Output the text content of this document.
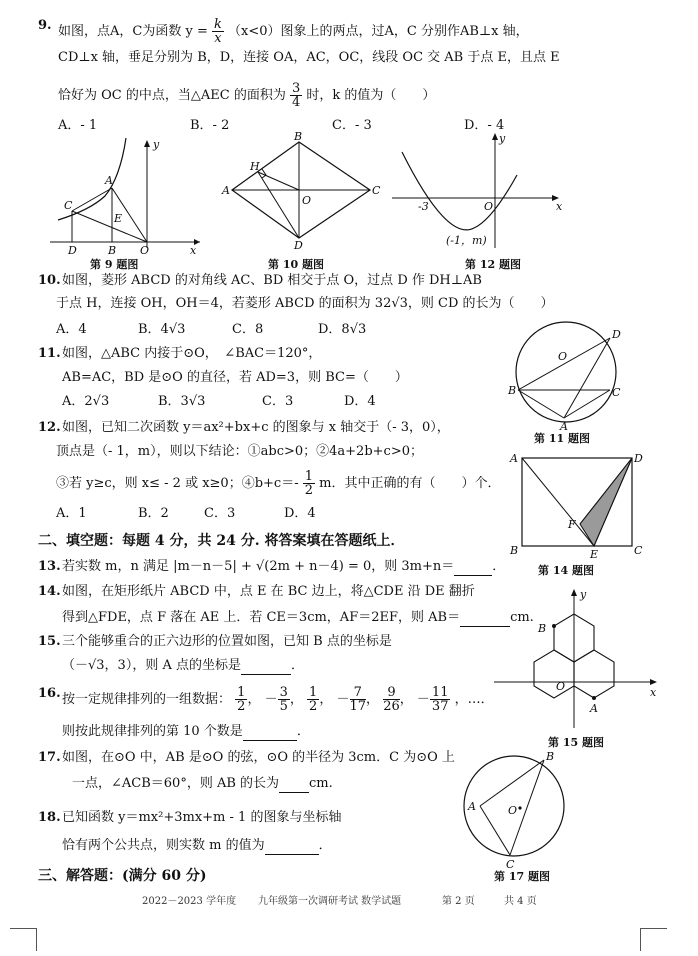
9. 如图，点A，C为函数 $y = \frac{k}{x} (x<0)$图象上的两点，过A，C 分别作AB⊥x 轴，
CD⊥x 轴，垂足分别为 B，D，连接 OA，AC，OC，线段 OC 交 AB 于点 E，且点 E
恰好为 OC 的中点，当△AEC 的面积为 $\frac{3}{4}$ 时，k 的值为（　　）
A．- 1	B．- 2	C．- 3	D．- 4
y
A
C
E
D	B O	x
第 9 题图
H
B
A
O
C
D
第 10 题图
y
-3	O	x
(-1，m)
第 12 题图
10. 如图，菱形 ABCD 的对角线 AC、BD 相交于点 O，过点 D 作 DH⊥AB
于点 H，连接 OH，OH＝4，若菱形 ABCD 的面积为 32√3，则 CD 的长为（　　）
A．4	B．4√3	C．8	D．8√3	D
O
B	C
A
第 11 题图
11. 如图，△ABC 内接于⊙O，　∠BAC＝120°，
AB=AC，BD 是⊙O 的直径，若 AD=3，则 BC=（　　）
A．2√3	B．3√3	C．3	D．4
12. 如图，已知二次函数 y＝ax²+bx+c 的图象与 x 轴交于（- 3，0），
顶点是（- 1，m），则以下结论：①abc>0；②4a+2b+c>0；
③若 y≥c，则 x≤ - 2 或 x≥0；④b+c＝- $\frac{1}{2}$ m．其中正确的有（　　）个．
A．1	B．2	C．3	D．4
A	D
F
B	E	C
第 14 题图
二、填空题：每题 4 分，共 24 分. 将答案填在答题纸上．
13. 若实数 m，n 满足 |m－n－5| + √(2m + n－4) = 0，则 3m+n＝	．
14. 如图，在矩形纸片 ABCD 中，点 E 在 BC 边上，将△CDE 沿 DE 翻折
得到△FDE，点 F 落在 AE 上．若 CE＝3cm，AF＝2EF，则 AB＝	cm.
15. 三个能够重合的正六边形的位置如图，已知 B 点的坐标是
（－√3，3），则 A 点的坐标是	．
y
B
O	x
A
第 15 题图
16. 按一定规律排列的一组数据： $\frac{1}{2}$ ， － $\frac{3}{5}$ ， $\frac{1}{2}$ ， － $\frac{7}{17}$ ， $\frac{9}{26}$ ， － $\frac{11}{37}$ ，…．
则按此规律排列的第 10 个数是	．
17. 如图，在⊙O 中，AB 是⊙O 的弦，⊙O 的半径为 3cm．C 为⊙O 上
一点，∠ACB＝60°，则 AB 的长为 cm.
B
A	O
C
第 17 题图
18. 已知函数 y＝mx²+3mx+m - 1 的图象与坐标轴
恰有两个公共点，则实数 m 的值为	．
三、解答题：(满分 60 分)
2022－2023 学年度 九年级第一次调研考试 数学试题	第 2 页	共 4 页
